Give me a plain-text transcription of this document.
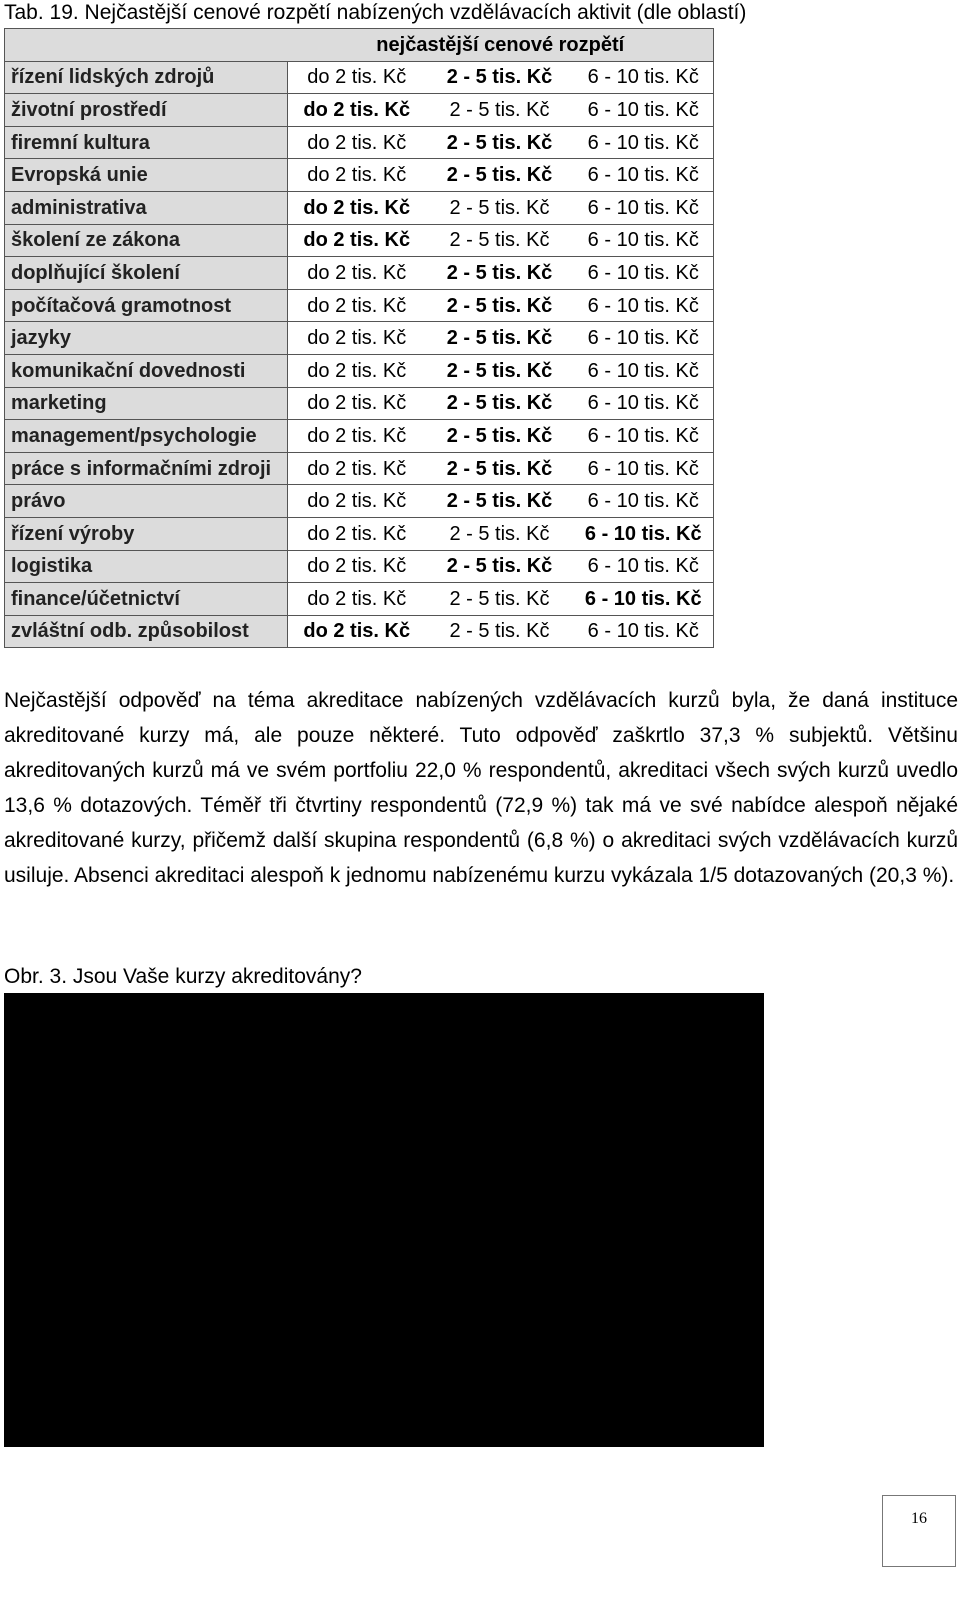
Tab. 19. Nejčastější cenové rozpětí nabízených vzdělávacích aktivit (dle oblastí)
	nejčastější cenové rozpětí		
řízení lidských zdrojů	do 2 tis. Kč	2 - 5 tis. Kč	6 - 10 tis. Kč
životní prostředí	do 2 tis. Kč	2 - 5 tis. Kč	6 - 10 tis. Kč
firemní kultura	do 2 tis. Kč	2 - 5 tis. Kč	6 - 10 tis. Kč
Evropská unie	do 2 tis. Kč	2 - 5 tis. Kč	6 - 10 tis. Kč
administrativa	do 2 tis. Kč	2 - 5 tis. Kč	6 - 10 tis. Kč
školení ze zákona	do 2 tis. Kč	2 - 5 tis. Kč	6 - 10 tis. Kč
doplňující školení	do 2 tis. Kč	2 - 5 tis. Kč	6 - 10 tis. Kč
počítačová gramotnost	do 2 tis. Kč	2 - 5 tis. Kč	6 - 10 tis. Kč
jazyky	do 2 tis. Kč	2 - 5 tis. Kč	6 - 10 tis. Kč
komunikační dovednosti	do 2 tis. Kč	2 - 5 tis. Kč	6 - 10 tis. Kč
marketing	do 2 tis. Kč	2 - 5 tis. Kč	6 - 10 tis. Kč
management/psychologie	do 2 tis. Kč	2 - 5 tis. Kč	6 - 10 tis. Kč
práce s informačními zdroji	do 2 tis. Kč	2 - 5 tis. Kč	6 - 10 tis. Kč
právo	do 2 tis. Kč	2 - 5 tis. Kč	6 - 10 tis. Kč
řízení výroby	do 2 tis. Kč	2 - 5 tis. Kč	6 - 10 tis. Kč
logistika	do 2 tis. Kč	2 - 5 tis. Kč	6 - 10 tis. Kč
finance/účetnictví	do 2 tis. Kč	2 - 5 tis. Kč	6 - 10 tis. Kč
zvláštní odb. způsobilost	do 2 tis. Kč	2 - 5 tis. Kč	6 - 10 tis. Kč

Nejčastější odpověď na téma akreditace nabízených vzdělávacích kurzů byla, že daná instituce akreditované kurzy má, ale pouze některé. Tuto odpověď zaškrtlo 37,3 % subjektů. Většinu akreditovaných kurzů má ve svém portfoliu 22,0 % respondentů, akreditaci všech svých kurzů uvedlo 13,6 % dotazových. Téměř tři čtvrtiny respondentů (72,9 %) tak má ve své nabídce alespoň nějaké akreditované kurzy, přičemž další skupina respondentů (6,8 %) o akreditaci svých vzdělávacích kurzů usiluje. Absenci akreditaci alespoň k jednomu nabízenému kurzu vykázala 1/5 dotazovaných (20,3 %).

Obr. 3. Jsou Vaše kurzy akreditovány?
16
